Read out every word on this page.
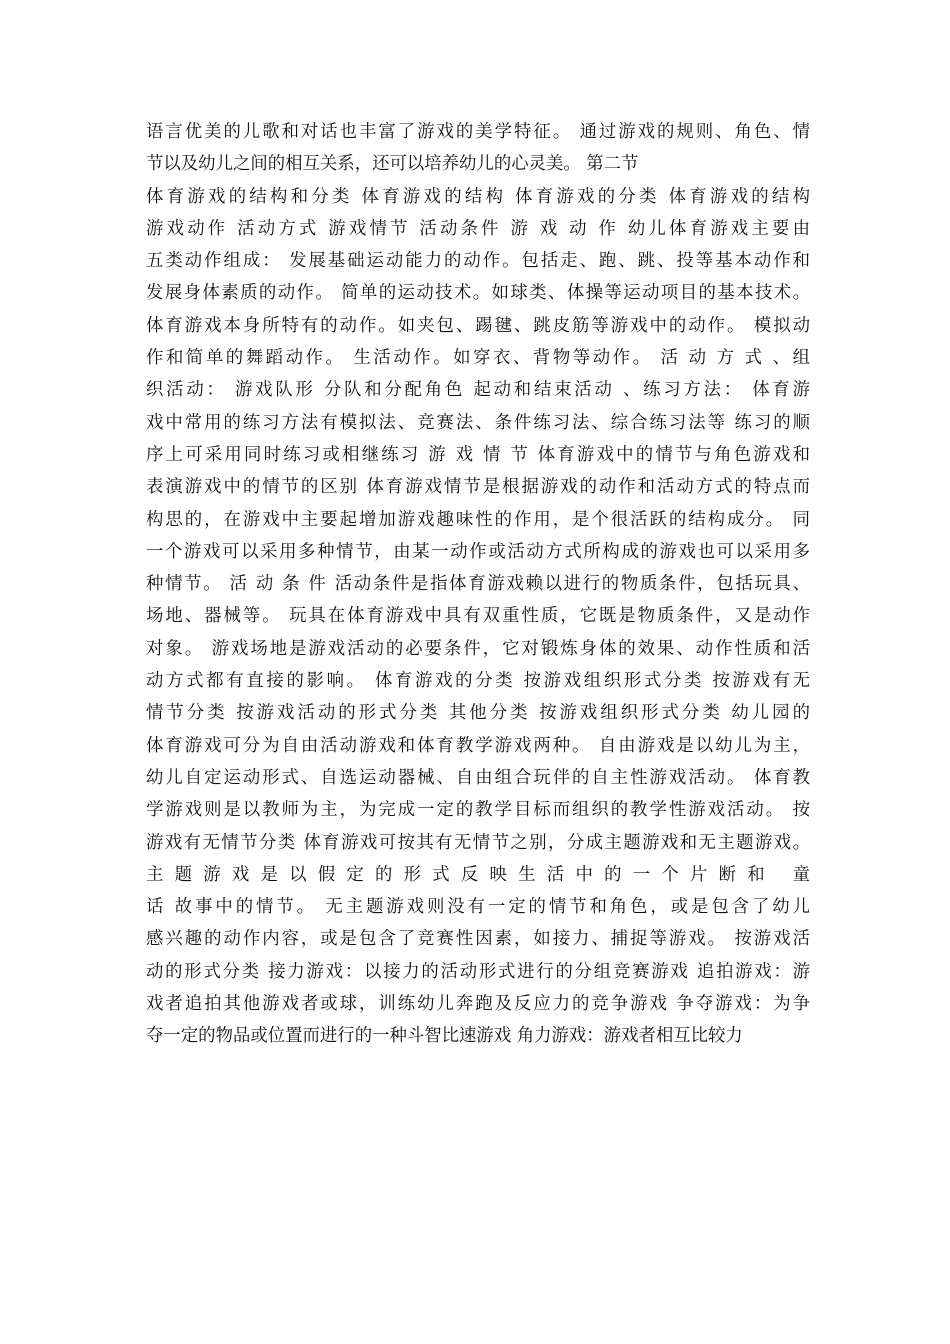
语言优美的儿歌和对话也丰富了游戏的美学特征。 通过游戏的规则、角色、情
节以及幼儿之间的相互关系，还可以培养幼儿的心灵美。 第二节
体育游戏的结构和分类 体育游戏的结构 体育游戏的分类 体育游戏的结构
游戏动作 活动方式 游戏情节 活动条件 游 戏 动 作 幼儿体育游戏主要由
五类动作组成： 发展基础运动能力的动作。包括走、跑、跳、投等基本动作和
发展身体素质的动作。 简单的运动技术。如球类、体操等运动项目的基本技术。
体育游戏本身所特有的动作。如夹包、踢毽、跳皮筋等游戏中的动作。 模拟动
作和简单的舞蹈动作。 生活动作。如穿衣、背物等动作。 活 动 方 式 、组
织活动： 游戏队形 分队和分配角色 起动和结束活动 、练习方法： 体育游
戏中常用的练习方法有模拟法、竞赛法、条件练习法、综合练习法等 练习的顺
序上可采用同时练习或相继练习 游 戏 情 节 体育游戏中的情节与角色游戏和
表演游戏中的情节的区别 体育游戏情节是根据游戏的动作和活动方式的特点而
构思的，在游戏中主要起增加游戏趣味性的作用，是个很活跃的结构成分。 同
一个游戏可以采用多种情节，由某一动作或活动方式所构成的游戏也可以采用多
种情节。 活 动 条 件 活动条件是指体育游戏赖以进行的物质条件，包括玩具、
场地、器械等。 玩具在体育游戏中具有双重性质，它既是物质条件，又是动作
对象。 游戏场地是游戏活动的必要条件，它对锻炼身体的效果、动作性质和活
动方式都有直接的影响。 体育游戏的分类 按游戏组织形式分类 按游戏有无
情节分类 按游戏活动的形式分类 其他分类 按游戏组织形式分类 幼儿园的
体育游戏可分为自由活动游戏和体育教学游戏两种。 自由游戏是以幼儿为主，
幼儿自定运动形式、自选运动器械、自由组合玩伴的自主性游戏活动。 体育教
学游戏则是以教师为主，为完成一定的教学目标而组织的教学性游戏活动。 按
游戏有无情节分类 体育游戏可按其有无情节之别，分成主题游戏和无主题游戏。
主题游戏是以假定的形式反映生活中的一个片断和 童
话 故事中的情节。 无主题游戏则没有一定的情节和角色，或是包含了幼儿
感兴趣的动作内容，或是包含了竞赛性因素，如接力、捕捉等游戏。 按游戏活
动的形式分类 接力游戏：以接力的活动形式进行的分组竞赛游戏 追拍游戏：游
戏者追拍其他游戏者或球，训练幼儿奔跑及反应力的竞争游戏 争夺游戏：为争
夺一定的物品或位置而进行的一种斗智比速游戏 角力游戏：游戏者相互比较力
